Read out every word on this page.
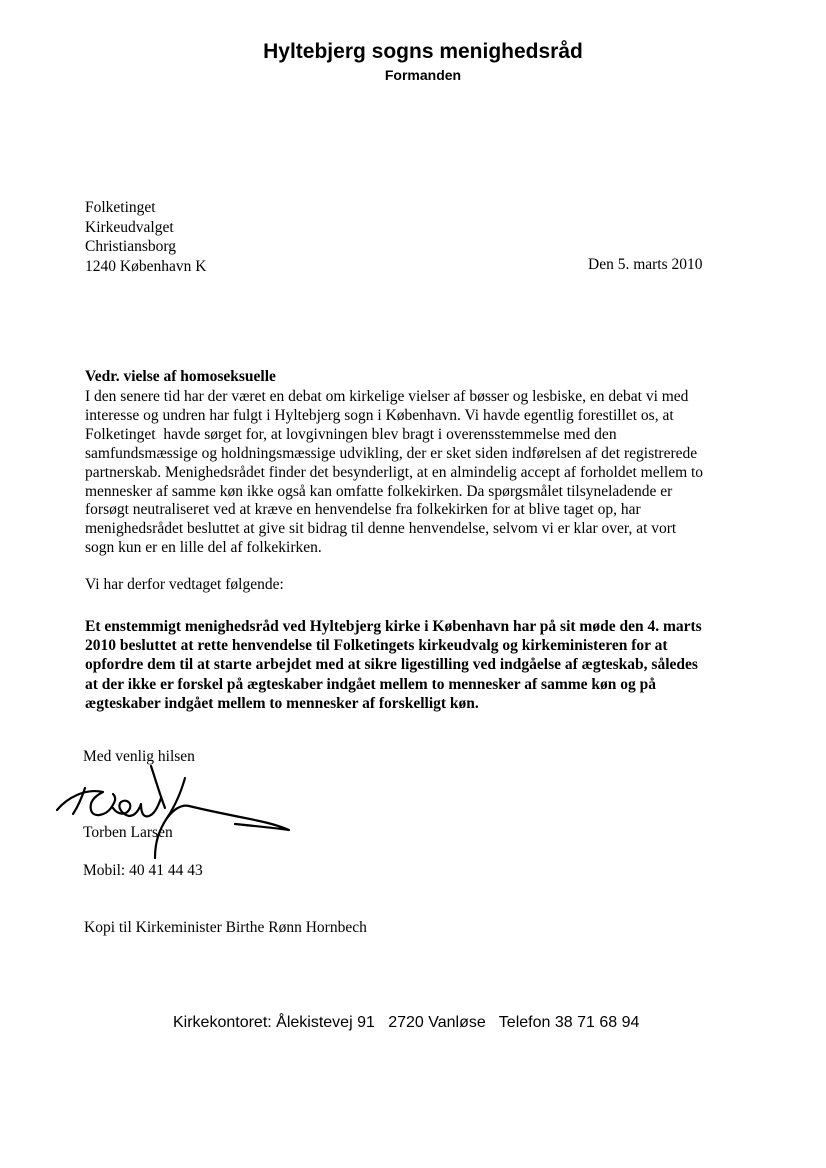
Hyltebjerg sogns menighedsråd
Formanden
Folketinget
Kirkeudvalget
Christiansborg
1240 København K	Den 5. marts 2010
Vedr. vielse af homoseksuelle
I den senere tid har der været en debat om kirkelige vielser af bøsser og lesbiske, en debat vi med
interesse og undren har fulgt i Hyltebjerg sogn i København. Vi havde egentlig forestillet os, at
Folketinget  havde sørget for, at lovgivningen blev bragt i overensstemmelse med den
samfundsmæssige og holdningsmæssige udvikling, der er sket siden indførelsen af det registrerede
partnerskab. Menighedsrådet finder det besynderligt, at en almindelig accept af forholdet mellem to
mennesker af samme køn ikke også kan omfatte folkekirken. Da spørgsmålet tilsyneladende er
forsøgt neutraliseret ved at kræve en henvendelse fra folkekirken for at blive taget op, har
menighedsrådet besluttet at give sit bidrag til denne henvendelse, selvom vi er klar over, at vort
sogn kun er en lille del af folkekirken.
Vi har derfor vedtaget følgende:
Et enstemmigt menighedsråd ved Hyltebjerg kirke i København har på sit møde den 4. marts
2010 besluttet at rette henvendelse til Folketingets kirkeudvalg og kirkeministeren for at
opfordre dem til at starte arbejdet med at sikre ligestilling ved indgåelse af ægteskab, således
at der ikke er forskel på ægteskaber indgået mellem to mennesker af samme køn og på
ægteskaber indgået mellem to mennesker af forskelligt køn.
Med venlig hilsen
Torben Larsen
Mobil: 40 41 44 43
Kopi til Kirkeminister Birthe Rønn Hornbech
Kirkekontoret: Ålekistevej 91   2720 Vanløse   Telefon 38 71 68 94
